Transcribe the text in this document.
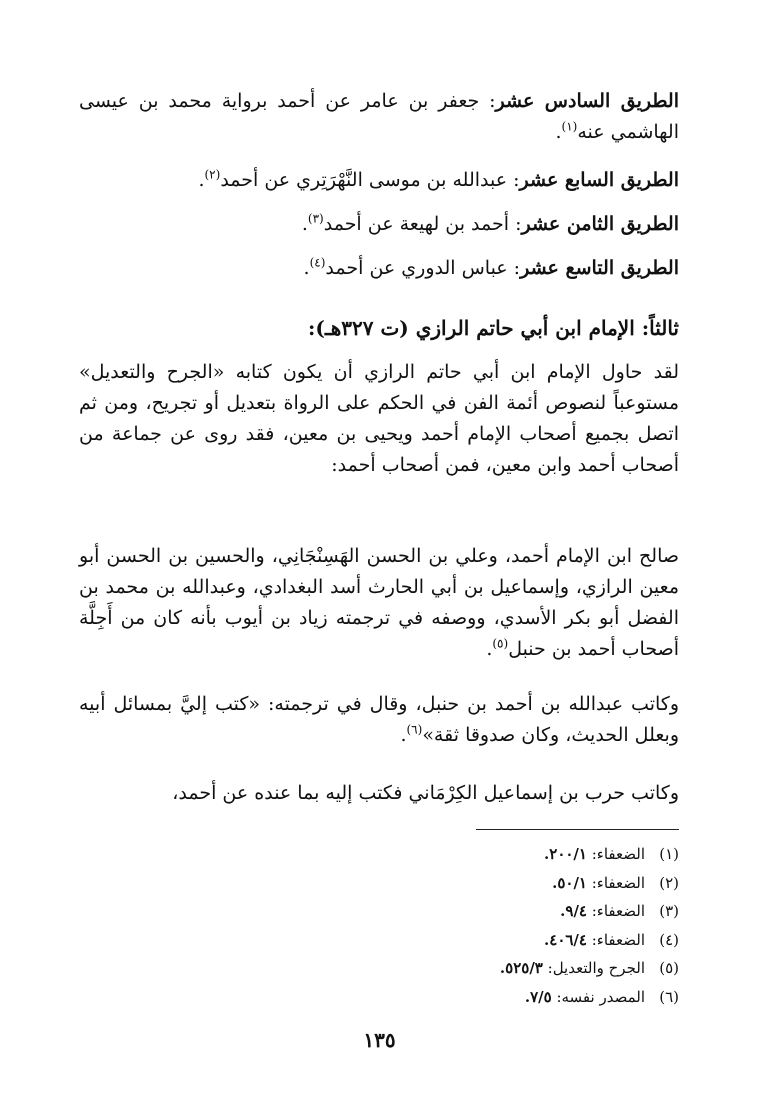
الطريق السادس عشر: جعفر بن عامر عن أحمد برواية محمد بن عيسى الهاشمي عنه$^{(١)}$.
الطريق السابع عشر: عبدالله بن موسى النَّهْرَتِري عن أحمد$^{(٢)}$.
الطريق الثامن عشر: أحمد بن لهيعة عن أحمد$^{(٣)}$.
الطريق التاسع عشر: عباس الدوري عن أحمد$^{(٤)}$.
ثالثاً: الإمام ابن أبي حاتم الرازي (ت ٣٢٧هـ):
لقد حاول الإمام ابن أبي حاتم الرازي أن يكون كتابه «الجرح والتعديل» مستوعباً لنصوص أئمة الفن في الحكم على الرواة بتعديل أو تجريح، ومن ثم اتصل بجميع أصحاب الإمام أحمد ويحيى بن معين، فقد روى عن جماعة من أصحاب أحمد وابن معين، فمن أصحاب أحمد:
صالح ابن الإمام أحمد، وعلي بن الحسن الهَسِنْجَانِي، والحسين بن الحسن أبو معين الرازي، وإسماعيل بن أبي الحارث أسد البغدادي، وعبدالله بن محمد بن الفضل أبو بكر الأسدي، ووصفه في ترجمته زياد بن أيوب بأنه كان من أَجِلَّة أصحاب أحمد بن حنبل$^{(٥)}$.
وكاتب عبدالله بن أحمد بن حنبل، وقال في ترجمته: «كتب إليَّ بمسائل أبيه وبعلل الحديث، وكان صدوقا ثقة»$^{(٦)}$.
وكاتب حرب بن إسماعيل الكِرْمَاني فكتب إليه بما عنده عن أحمد،
(١)الضعفاء: ٢٠٠/١.
(٢)الضعفاء: ٥٠/١.
(٣)الضعفاء: ٩/٤.
(٤)الضعفاء: ٤٠٦/٤.
(٥)الجرح والتعديل: ٥٢٥/٣.
(٦)المصدر نفسه: ٧/٥.
١٣٥
